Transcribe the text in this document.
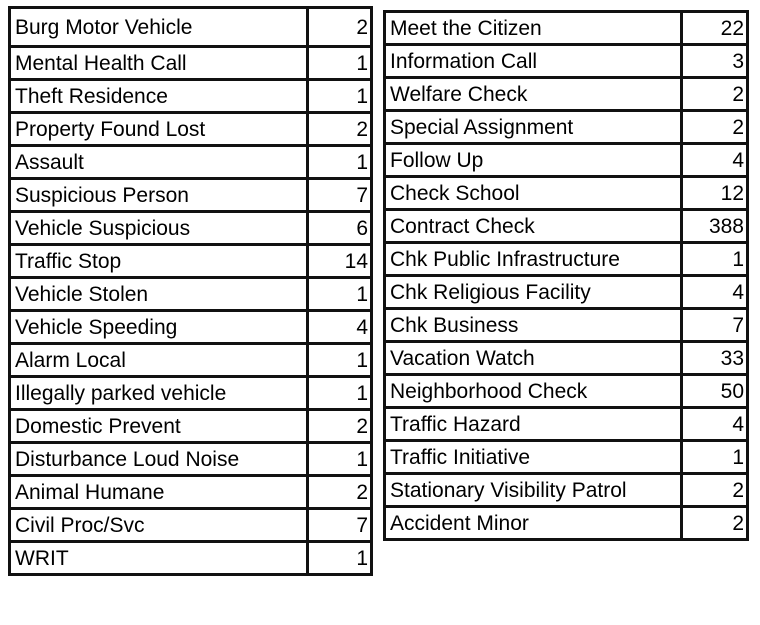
Burg Motor Vehicle	2
Mental Health Call	1
Theft Residence	1
Property Found Lost	2
Assault	1
Suspicious Person	7
Vehicle Suspicious	6
Traffic Stop	14
Vehicle Stolen	1
Vehicle Speeding	4
Alarm Local	1
Illegally parked vehicle	1
Domestic Prevent	2
Disturbance Loud Noise	1
Animal Humane	2
Civil Proc/Svc	7
WRIT	1
Meet the Citizen	22
Information Call	3
Welfare Check	2
Special Assignment	2
Follow Up	4
Check School	12
Contract Check	388
Chk Public Infrastructure	1
Chk Religious Facility	4
Chk Business	7
Vacation Watch	33
Neighborhood Check	50
Traffic Hazard	4
Traffic Initiative	1
Stationary Visibility Patrol	2
Accident Minor	2
